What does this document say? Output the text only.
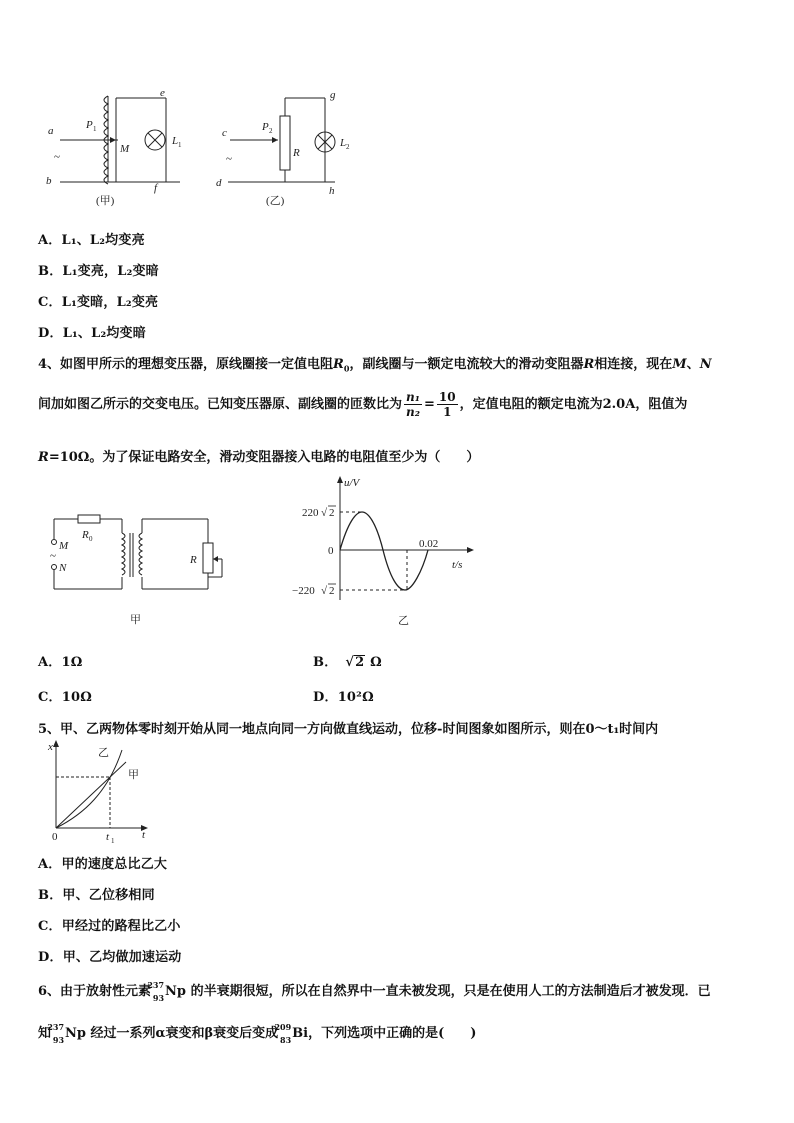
a
~
b
e
f
P 1
M
L 1
(甲)
c
~
d
g
h
P 2
R
L 2
(乙)
A．L₁、L₂均变亮
B．L₁变亮，L₂变暗
C．L₁变暗，L₂变亮
D．L₁、L₂均变暗
4、如图甲所示的理想变压器，原线圈接一定值电阻$R_0$，副线圈与一额定电流较大的滑动变阻器R相连接，现在M、N
间加如图乙所示的交变电压。已知变压器原、副线圈的匝数比为 $\frac{\text{n₁}}{\text{n₂}} = \frac{10}{1}$ ，定值电阻的额定电流为2.0A，阻值为
R=10Ω。为了保证电路安全，滑动变阻器接入电路的电阻值至少为（　　）
M
~
N
R 0
R
甲
u/V
t/s
220 √ 2
0
−220 √ 2
0.02
乙
A．1Ω	B． √2 Ω
C．10Ω	D．10²Ω
5、甲、乙两物体零时刻开始从同一地点向同一方向做直线运动，位移-时间图象如图所示，则在0～t₁时间内
x
t
0	t 1
乙
甲
A．甲的速度总比乙大
B．甲、乙位移相同
C．甲经过的路程比乙小
D．甲、乙均做加速运动
6、由于放射性元素
237
93 Np 的半衰期很短，所以在自然界中一直未被发现，只是在使用人工的方法制造后才被发现．已
知
237
93 Np 经过一系列α衰变和β衰变后变成
209
83 Bi，下列选项中正确的是(　　)
